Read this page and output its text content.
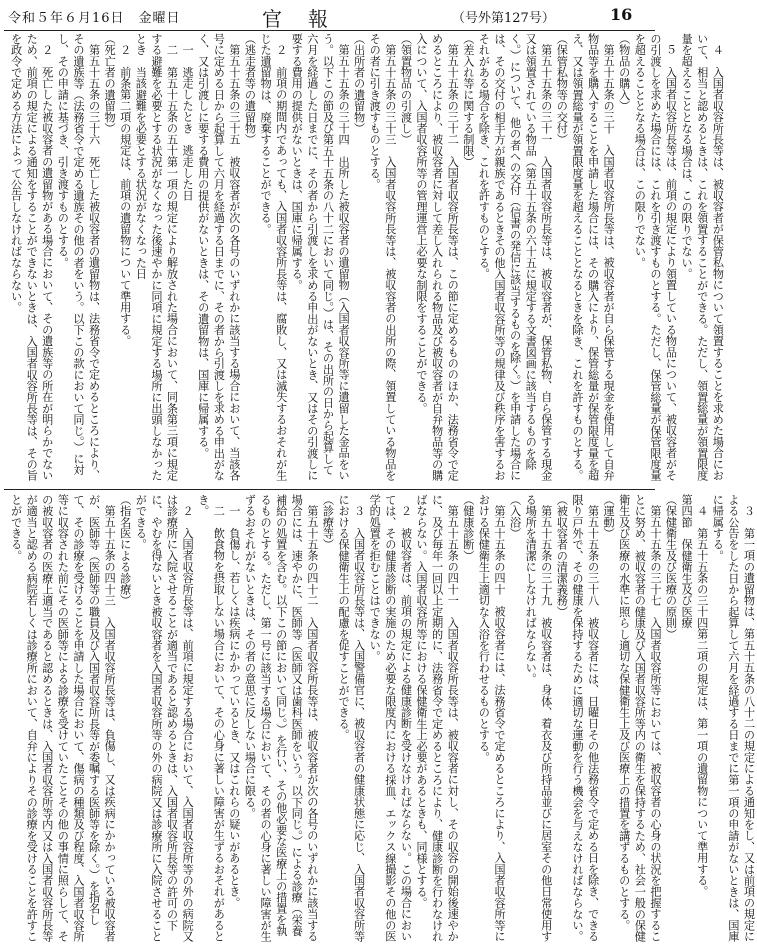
令和５年６月16日　金曜日	官報	（号外第127号）	16

４　入国者収容所長等は、被収容者が保管私物について領置することを求めた場合において、相当と認めるときは、これを領置することができる。ただし、領置総量が領置限度量を超えることとなる場合は、この限りでない。

５　入国者収容所長等は、前項の規定により領置している物品について、被収容者がその引渡しを求めた場合には、これを引き渡すものとする。ただし、保管総量が保管限度量を超えることとなる場合は、この限りでない。

（物品の購入）

第五十五条の三十　入国者収容所長等は、被収容者が自ら保管する現金を使用して自弁物品等を購入することを申請した場合には、その購入により、保管総量が保管限度量を超え、又は領置総量が領置限度量を超えることとなるときを除き、これを許すものとする。

（保管私物等の交付）

第五十五条の三十一　入国者収容所長等は、被収容者が、保管私物、自ら保管する現金又は領置されている物品（第五十五条の六十五に規定する文書図画に該当するものを除く。）について、他の者への交付（信書の発信に該当するものを除く。）を申請した場合には、その交付の相手方が親族であるときその他入国者収容所等の規律及び秩序を害するおそれがある場合を除き、これを許すものとする。

（差入れ等に関する制限）

第五十五条の三十二　入国者収容所長等は、この節に定めるもののほか、法務省令で定めるところにより、被収容者に対して差し入れられる物品及び被収容者が自弁物品等の購入について、入国者収容所等の管理運営上必要な制限をすることができる。

（領置物品の引渡し）

第五十五条の三十三　入国者収容所長等は、被収容者の出所の際、領置している物品をその者に引き渡すものとする。

（出所者の遺留物）

第五十五条の三十四　出所した被収容者の遺留物（入国者収容所等に遺留した金品をいう。以下この節及び第五十五条の八十二において同じ。）は、その出所の日から起算して六月を経過した日までに、その者から引渡しを求める申出がないとき、又はその引渡しに要する費用の提供がないときは、国庫に帰属する。

２　前項の期間内であっても、入国者収容所長等は、腐敗し、又は滅失するおそれが生じた遺留物は、廃棄することができる。

（逃走者等の遺留物）

第五十五条の三十五　被収容者が次の各号のいずれかに該当する場合において、当該各号に定める日から起算して六月を経過する日までに、その者から引渡しを求める申出がなく、又は引渡しに要する費用の提供がないときは、その遺留物は、国庫に帰属する。

一　逃走したとき　逃走した日

二　第五十五条の五十第一項の規定により解放された場合において、同条第三項に規定する避難を必要とする状況がなくなった後速やかに同項に規定する場所に出頭しなかったとき　当該避難を必要とする状況がなくなった日

２　前条第二項の規定は、前項の遺留物について準用する。

（死亡者の遺留物）

第五十五条の三十六　死亡した被収容者の遺留物は、法務省令で定めるところにより、その遺族等（法務省令で定める遺族その他の者をいう。以下この款において同じ。）に対し、その申請に基づき、引き渡すものとする。

２　死亡した被収容者の遺留物がある場合において、その遺族等の所在が明らかでないため、前項の規定による通知をすることができないときは、入国者収容所長等は、その旨を政令で定める方法によって公告しなければならない。

３　第一項の遺留物は、第五十五条の八十二の規定による通知をし、又は前項の規定による公告をした日から起算して六月を経過する日までに第一項の申請がないときは、国庫に帰属する。

４　第五十五条の三十四第二項の規定は、第一項の遺留物について準用する。

第四節　保健衛生及び医療

（保健衛生及び医療の原則）

第五十五条の三十七　入国者収容所等においては、被収容者の心身の状況を把握することに努め、被収容者の健康及び入国者収容所等内の衛生を保持するため、社会一般の保健衛生及び医療の水準に照らし適切な保健衛生上及び医療上の措置を講ずるものとする。

（運動）

第五十五条の三十八　被収容者には、日曜日その他法務省令で定める日を除き、できる限り戸外で、その健康を保持するために適切な運動を行う機会を与えなければならない。

（被収容者の清潔義務）

第五十五条の三十九　被収容者は、身体、着衣及び所持品並びに居室その他日常使用する場所を清潔にしなければならない。

（入浴）

第五十五条の四十　被収容者には、法務省令で定めるところにより、入国者収容所等における保健衛生上適切な入浴を行わせるものとする。

（健康診断）

第五十五条の四十一　入国者収容所長等は、被収容者に対し、その収容の開始後速やかに、及び毎年一回以上定期的に、法務省令で定めるところにより、健康診断を行わなければならない。入国者収容所等における保健衛生上必要があるときも、同様とする。

２　被収容者は、前項の規定による健康診断を受けなければならない。この場合においては、その健康診断の実施のため必要な限度内における採血、エックス線撮影その他の医学的処置を拒むことはできない。

３　入国者収容所長等は、入国警備官に、被収容者の健康状態に応じ、入国者収容所等における保健衛生上の配慮を促すことができる。

（診療等）

第五十五条の四十二　入国者収容所長等は、被収容者が次の各号のいずれかに該当する場合には、速やかに、医師等（医師又は歯科医師をいう。以下同じ。）による診療（栄養補給の処置を含む。以下この節において同じ。）を行い、その他必要な医療上の措置を執るものとする。ただし、第一号に該当する場合において、その者の心身に著しい障害が生ずるおそれがないときは、その者の意思に反しない場合に限る。

一　負傷し、若しくは疾病にかかっているとき、又はこれらの疑いがあるとき。

二　飲食物を摂取しない場合において、その心身に著しい障害が生ずるおそれがあるとき。

２　入国者収容所長等は、前項に規定する場合において、入国者収容所等の外の病院又は診療所に入院させることが適当であると認めるときは、入国者収容所長等の許可の下に、やむを得ないとき被収容者を入国者収容所等の外の病院又は診療所に入院させることができる。

（指名医による診療）

第五十五条の四十三　入国者収容所長等は、負傷し、又は疾病にかかっている被収容者が、医師等（医師等の職員及び入国者収容所長等が委嘱する医師等を除く。）を指名して、その診療を受けることを申請した場合において、傷病の種類及び程度、入国者収容所等に収容された前にその医師等による診療を受けていたことその他の事情に照らして、その被収容者の医療上適当であると認めるときは、入国者収容所等内又は入国者収容所長等が適当と認める病院若しくは診療所において、自弁によりその診療を受けることを許すことができる。
